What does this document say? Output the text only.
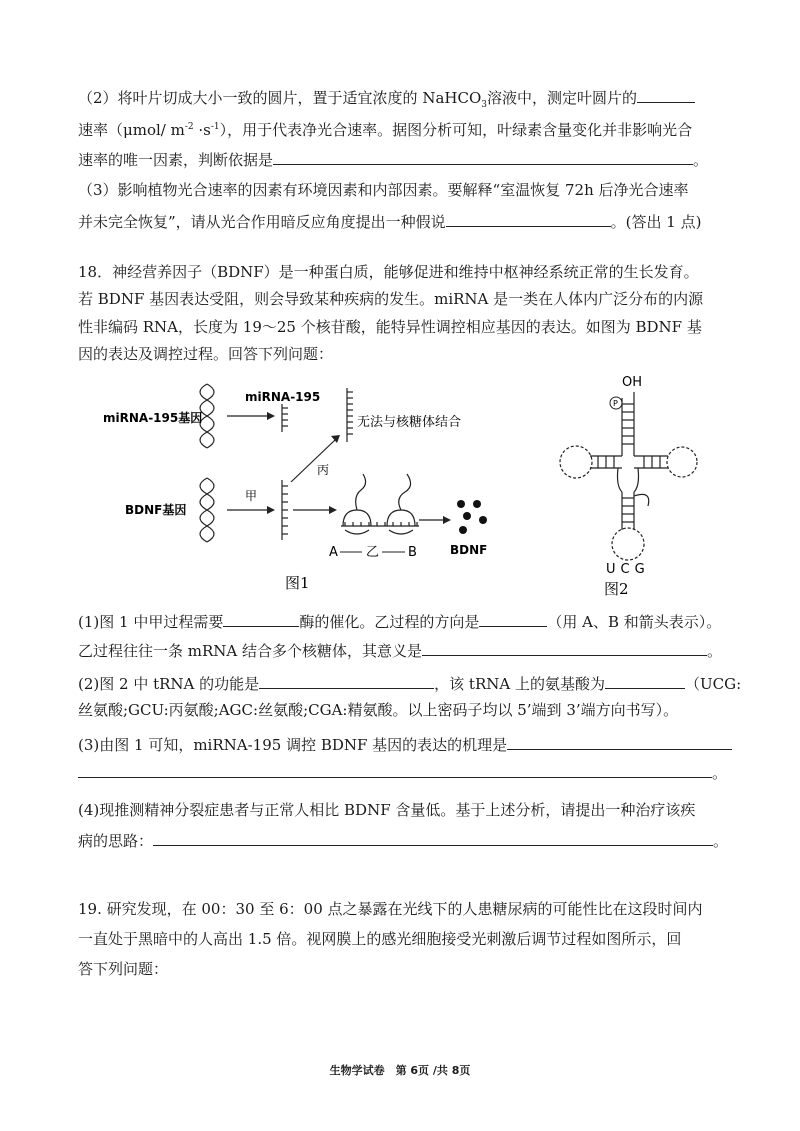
（2）将叶片切成大小一致的圆片，置于适宜浓度的 NaHCO$_3$溶液中，测定叶圆片的
速率（μmol/ $m^{-2} \cdot s^{-1}$），用于代表净光合速率。据图分析可知，叶绿素含量变化并非影响光合
速率的唯一因素，判断依据是	。
（3）影响植物光合速率的因素有环境因素和内部因素。要解释“室温恢复 72h 后净光合速率
并未完全恢复”，请从光合作用暗反应角度提出一种假说	。(答出 1 点)
18．神经营养因子（BDNF）是一种蛋白质，能够促进和维持中枢神经系统正常的生长发育。
若 BDNF 基因表达受阻，则会导致某种疾病的发生。miRNA 是一类在人体内广泛分布的内源
性非编码 RNA，长度为 19～25 个核苷酸，能特异性调控相应基因的表达。如图为 BDNF 基
因的表达及调控过程。回答下列问题：
miRNA-195基因
miRNA-195
无法与核糖体结合
丙
BDNF基因
甲
A 乙 B	BDNF
图1
OH
P
UCG
图2
(1)图 1 中甲过程需要	酶的催化。乙过程的方向是	（用 A、B 和箭头表示）。
乙过程往往一条 mRNA 结合多个核糖体，其意义是	。
(2)图 2 中 tRNA 的功能是	，该 tRNA 上的氨基酸为	（UCG:
丝氨酸;GCU:丙氨酸;AGC:丝氨酸;CGA:精氨酸。以上密码子均以 5’端到 3’端方向书写）。
(3)由图 1 可知，miRNA-195 调控 BDNF 基因的表达的机理是
。
(4)现推测精神分裂症患者与正常人相比 BDNF 含量低。基于上述分析，请提出一种治疗该疾
病的思路：	。
19. 研究发现，在 00：30 至 6：00 点之暴露在光线下的人患糖尿病的可能性比在这段时间内
一直处于黑暗中的人高出 1.5 倍。视网膜上的感光细胞接受光刺激后调节过程如图所示，回
答下列问题：
生物学试卷　第 6页 /共 8页
